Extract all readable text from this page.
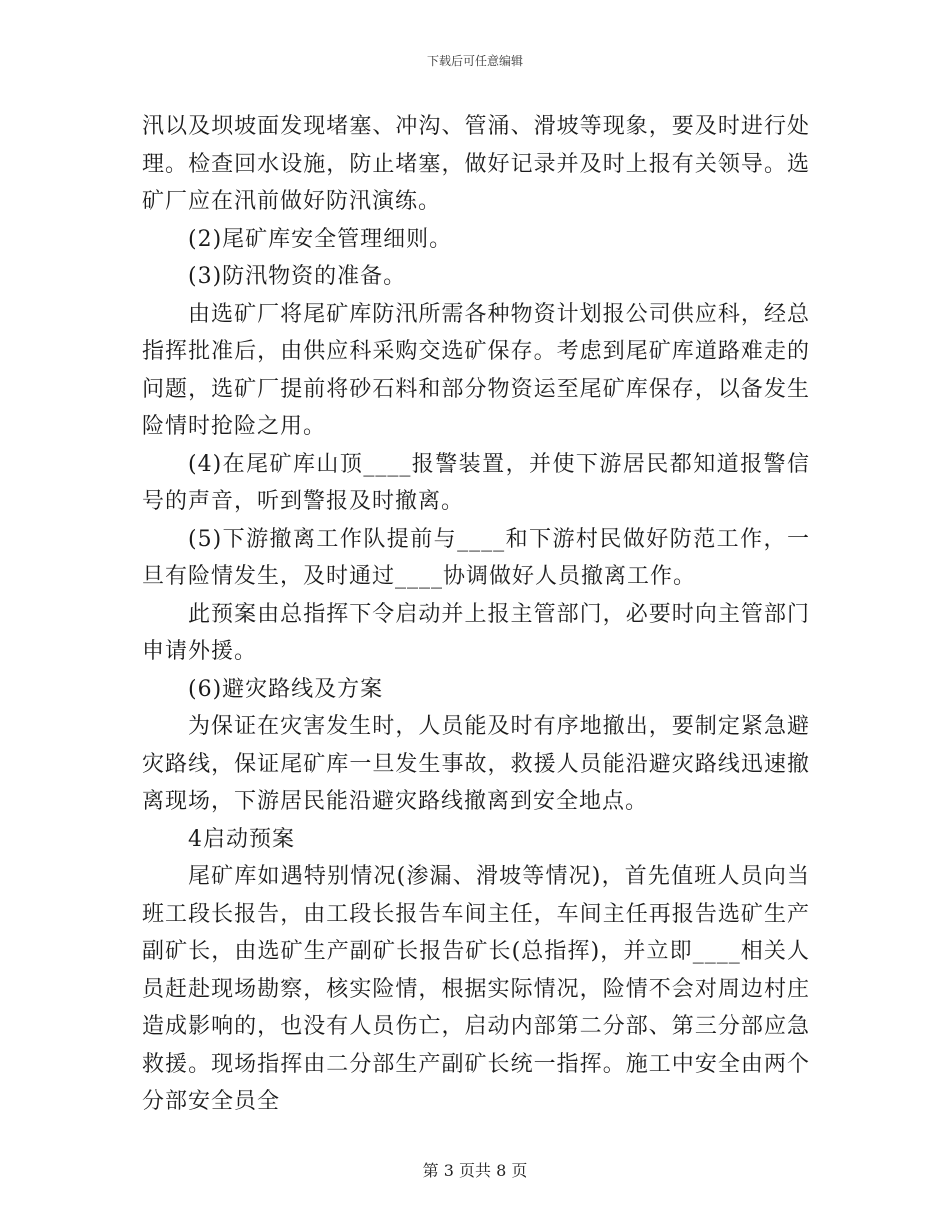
下载后可任意编辑

汛以及坝坡面发现堵塞、冲沟、管涌、滑坡等现象，要及时进行处理。检查回水设施，防止堵塞，做好记录并及时上报有关领导。选矿厂应在汛前做好防汛演练。

(2)尾矿库安全管理细则。

(3)防汛物资的准备。

由选矿厂将尾矿库防汛所需各种物资计划报公司供应科，经总指挥批准后，由供应科采购交选矿保存。考虑到尾矿库道路难走的问题，选矿厂提前将砂石料和部分物资运至尾矿库保存，以备发生险情时抢险之用。

(4)在尾矿库山顶____报警装置，并使下游居民都知道报警信号的声音，听到警报及时撤离。

(5)下游撤离工作队提前与____和下游村民做好防范工作，一旦有险情发生，及时通过____协调做好人员撤离工作。

此预案由总指挥下令启动并上报主管部门，必要时向主管部门申请外援。

(6)避灾路线及方案

为保证在灾害发生时，人员能及时有序地撤出，要制定紧急避灾路线，保证尾矿库一旦发生事故，救援人员能沿避灾路线迅速撤离现场，下游居民能沿避灾路线撤离到安全地点。

4启动预案

尾矿库如遇特别情况(渗漏、滑坡等情况)，首先值班人员向当班工段长报告，由工段长报告车间主任，车间主任再报告选矿生产副矿长，由选矿生产副矿长报告矿长(总指挥)，并立即____相关人员赶赴现场勘察，核实险情，根据实际情况，险情不会对周边村庄造成影响的，也没有人员伤亡，启动内部第二分部、第三分部应急救援。现场指挥由二分部生产副矿长统一指挥。施工中安全由两个分部安全员全

第 3 页共 8 页
